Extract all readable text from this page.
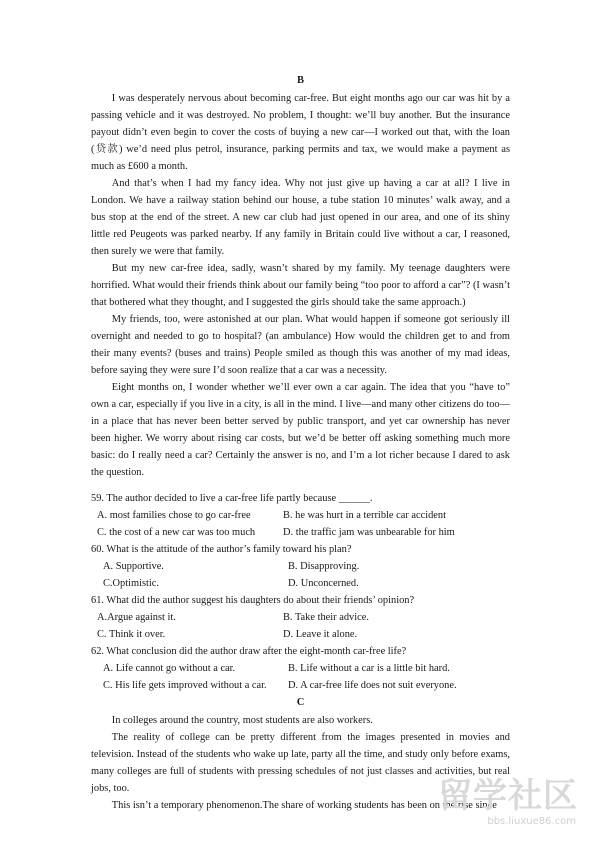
B

I was desperately nervous about becoming car-free. But eight months ago our car was hit by a passing vehicle and it was destroyed. No problem, I thought: we’ll buy another. But the insurance payout didn’t even begin to cover the costs of buying a new car—I worked out that, with the loan (贷款) we’d need plus petrol, insurance, parking permits and tax, we would make a payment as much as £600 a month.

And that’s when I had my fancy idea. Why not just give up having a car at all? I live in London. We have a railway station behind our house, a tube station 10 minutes’ walk away, and a bus stop at the end of the street. A new car club had just opened in our area, and one of its shiny little red Peugeots was parked nearby. If any family in Britain could live without a car, I reasoned, then surely we were that family.

But my new car-free idea, sadly, wasn’t shared by my family. My teenage daughters were horrified. What would their friends think about our family being “too poor to afford a car”? (I wasn’t that bothered what they thought, and I suggested the girls should take the same approach.)

My friends, too, were astonished at our plan. What would happen if someone got seriously ill overnight and needed to go to hospital? (an ambulance) How would the children get to and from their many events? (buses and trains) People smiled as though this was another of my mad ideas, before saying they were sure I’d soon realize that a car was a necessity.

Eight months on, I wonder whether we’ll ever own a car again. The idea that you “have to” own a car, especially if you live in a city, is all in the mind. I live—and many other citizens do too—in a place that has never been better served by public transport, and yet car ownership has never been higher. We worry about rising car costs, but we’d be better off asking something much more basic: do I really need a car? Certainly the answer is no, and I’m a lot richer because I dared to ask the question.

59. The author decided to live a car-free life partly because ______.

A. most families chose to go car-free	B. he was hurt in a terrible car accident
C. the cost of a new car was too much	D. the traffic jam was unbearable for him

60. What is the attitude of the author’s family toward his plan?

A. Supportive.	B. Disapproving.
C.Optimistic.	D. Unconcerned.

61. What did the author suggest his daughters do about their friends’ opinion?

A.Argue against it.	B. Take their advice.
C. Think it over.	D. Leave it alone.

62. What conclusion did the author draw after the eight-month car-free life?

A. Life cannot go without a car.	B. Life without a car is a little bit hard.
C. His life gets improved without a car.	D. A car-free life does not suit everyone.
C

In colleges around the country, most students are also workers.

The reality of college can be pretty different from the images presented in movies and television. Instead of the students who wake up late, party all the time, and study only before exams, many colleges are full of students with pressing schedules of not just classes and activities, but real jobs, too.

This isn’t a temporary phenomenon.The share of working students has been on the rise since

留学社区
bbs.liuxue86.com
